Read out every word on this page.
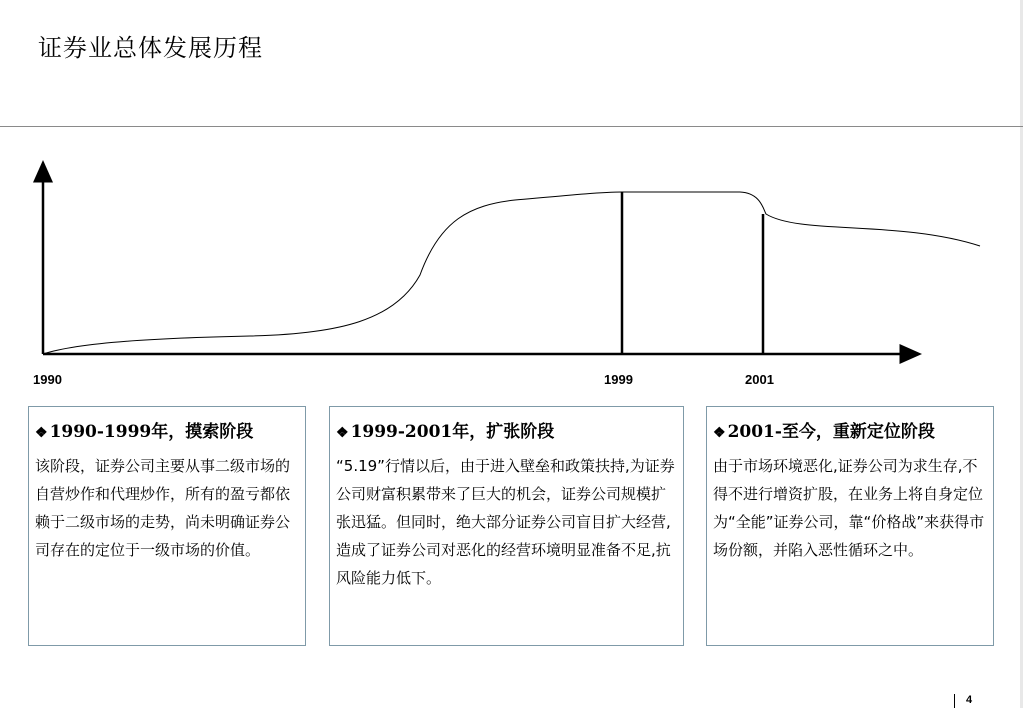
证券业总体发展历程
1990	1999	2001
❖ 1990-1999年，摸索阶段
该阶段，证券公司主要从事二级市场的自营炒作和代理炒作，所有的盈亏都依赖于二级市场的走势，尚未明确证券公司存在的定位于一级市场的价值。
❖ 1999-2001年，扩张阶段
“5.19”行情以后，由于进入壁垒和政策扶持,为证券公司财富积累带来了巨大的机会，证券公司规模扩张迅猛。但同时，绝大部分证券公司盲目扩大经营,造成了证券公司对恶化的经营环境明显准备不足,抗风险能力低下。
❖ 2001-至今，重新定位阶段
由于市场环境恶化,证券公司为求生存,不得不进行增资扩股，在业务上将自身定位为“全能”证券公司，靠“价格战”来获得市场份额，并陷入恶性循环之中。
4
